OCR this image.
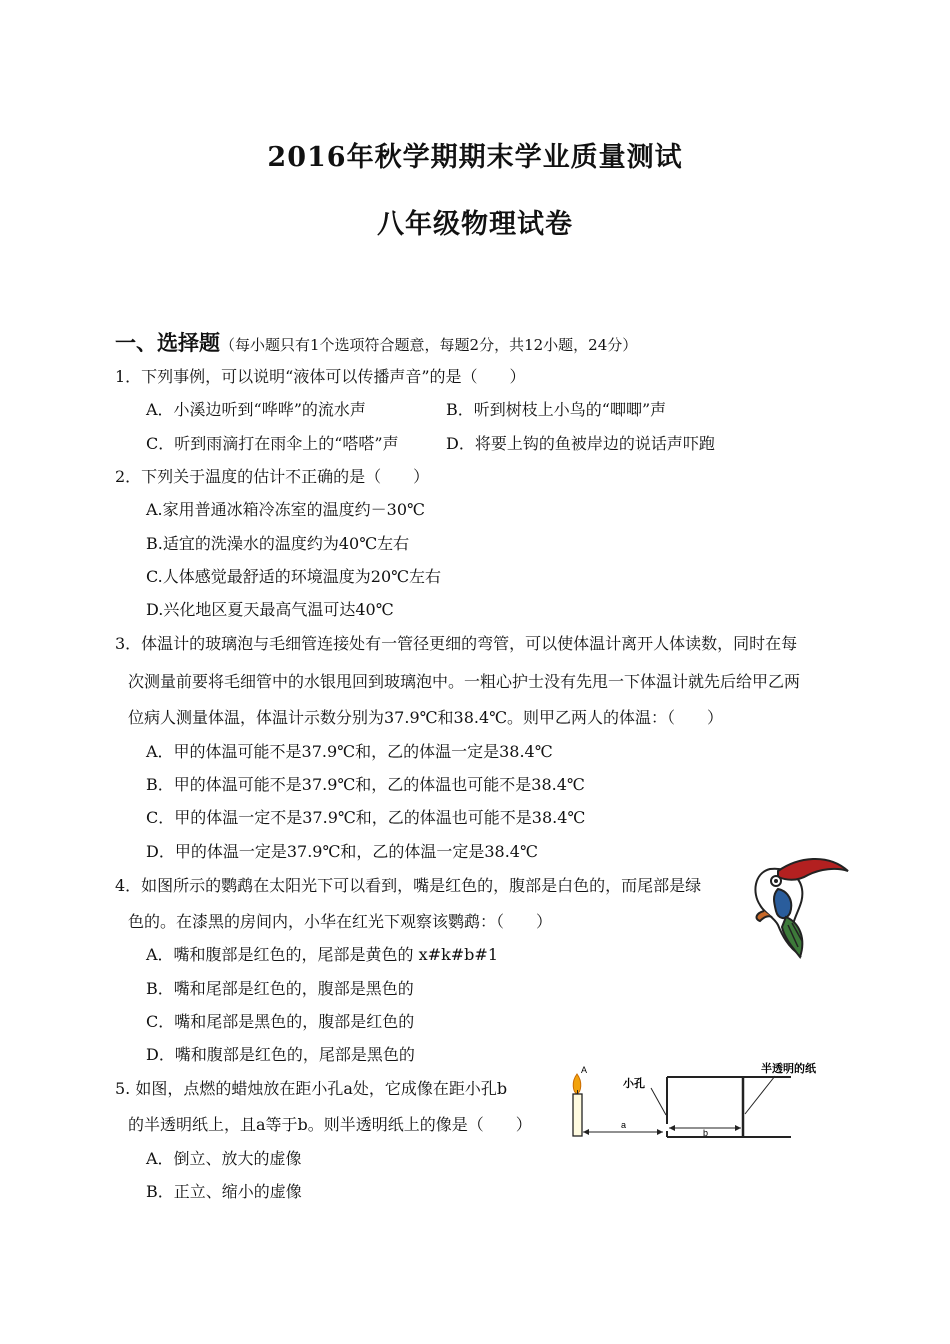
2016年秋学期期末学业质量测试
八年级物理试卷
一、选择题（每小题只有1个选项符合题意，每题2分，共12小题，24分）
1．下列事例，可以说明“液体可以传播声音”的是（　　）
A．小溪边听到“哗哗”的流水声	B．听到树枝上小鸟的“唧唧”声
C．听到雨滴打在雨伞上的“嗒嗒”声	D．将要上钩的鱼被岸边的说话声吓跑
2．下列关于温度的估计不正确的是（　　）
A.家用普通冰箱冷冻室的温度约－30℃
B.适宜的洗澡水的温度约为40℃左右
C.人体感觉最舒适的环境温度为20℃左右
D.兴化地区夏天最高气温可达40℃
3．体温计的玻璃泡与毛细管连接处有一管径更细的弯管，可以使体温计离开人体读数，同时在每
次测量前要将毛细管中的水银甩回到玻璃泡中。一粗心护士没有先甩一下体温计就先后给甲乙两
位病人测量体温，体温计示数分别为37.9℃和38.4℃。则甲乙两人的体温：（　　）
A．甲的体温可能不是37.9℃和，乙的体温一定是38.4℃
B．甲的体温可能不是37.9℃和，乙的体温也可能不是38.4℃
C．甲的体温一定不是37.9℃和，乙的体温也可能不是38.4℃
D．甲的体温一定是37.9℃和，乙的体温一定是38.4℃
4．如图所示的鹦鹉在太阳光下可以看到，嘴是红色的，腹部是白色的，而尾部是绿
色的。在漆黑的房间内，小华在红光下观察该鹦鹉：（　　）
A．嘴和腹部是红色的，尾部是黄色的 x#k#b#1
B．嘴和尾部是红色的，腹部是黑色的
C．嘴和尾部是黑色的，腹部是红色的
D．嘴和腹部是红色的，尾部是黑色的
5. 如图，点燃的蜡烛放在距小孔a处，它成像在距小孔b
的半透明纸上，且a等于b。则半透明纸上的像是（　　）
A．倒立、放大的虚像
B．正立、缩小的虚像
A
a
b
小孔
半透明的纸
